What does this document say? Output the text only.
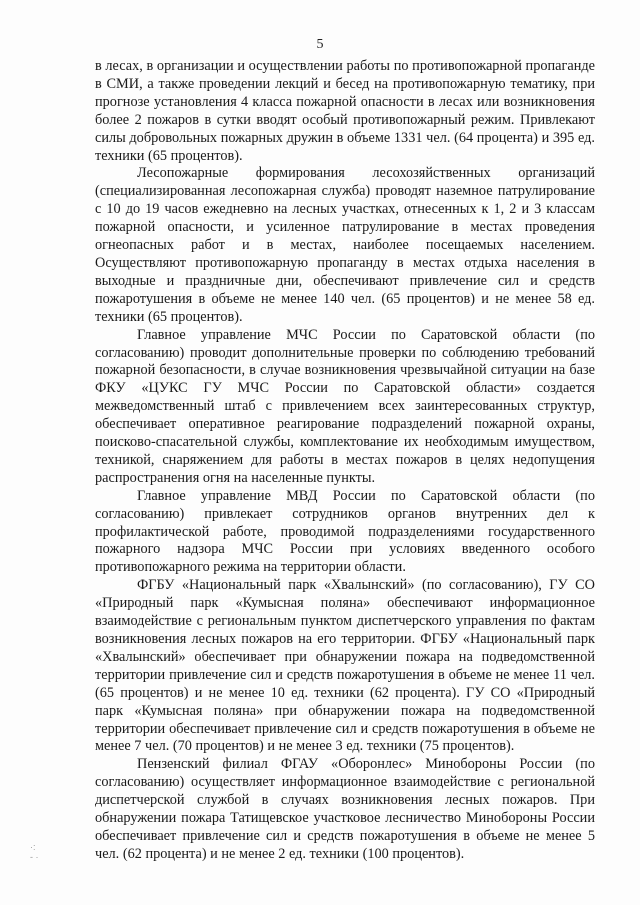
5

в лесах, в организации и осуществлении работы по противопожарной пропаганде в СМИ, а также проведении лекций и бесед на противопожарную тематику, при прогнозе установления 4 класса пожарной опасности в лесах или возникновения более 2 пожаров в сутки вводят особый противопожарный режим. Привлекают силы добровольных пожарных дружин в объеме 1331 чел. (64 процента) и 395 ед. техники (65 процентов).

Лесопожарные формирования лесохозяйственных организаций (специализированная лесопожарная служба) проводят наземное патрулирование с 10 до 19 часов ежедневно на лесных участках, отнесенных к 1, 2 и 3 классам пожарной опасности, и усиленное патрулирование в местах проведения огнеопасных работ и в местах, наиболее посещаемых населением. Осуществляют противопожарную пропаганду в местах отдыха населения в выходные и праздничные дни, обеспечивают привлечение сил и средств пожаротушения в объеме не менее 140 чел. (65 процентов) и не менее 58 ед. техники (65 процентов).

Главное управление МЧС России по Саратовской области (по согласованию) проводит дополнительные проверки по соблюдению требований пожарной безопасности, в случае возникновения чрезвычайной ситуации на базе ФКУ «ЦУКС ГУ МЧС России по Саратовской области» создается межведомственный штаб с привлечением всех заинтересованных структур, обеспечивает оперативное реагирование подразделений пожарной охраны, поисково-спасательной службы, комплектование их необходимым имуществом, техникой, снаряжением для работы в местах пожаров в целях недопущения распространения огня на населенные пункты.

Главное управление МВД России по Саратовской области (по согласованию) привлекает сотрудников органов внутренних дел к профилактической работе, проводимой подразделениями государственного пожарного надзора МЧС России при условиях введенного особого противопожарного режима на территории области.

ФГБУ «Национальный парк «Хвалынский» (по согласованию), ГУ СО «Природный парк «Кумысная поляна» обеспечивают информационное взаимодействие с региональным пунктом диспетчерского управления по фактам возникновения лесных пожаров на его территории. ФГБУ «Национальный парк «Хвалынский» обеспечивает при обнаружении пожара на подведомственной территории привлечение сил и средств пожаротушения в объеме не менее 11 чел. (65 процентов) и не менее 10 ед. техники (62 процента). ГУ СО «Природный парк «Кумысная поляна» при обнаружении пожара на подведомственной территории обеспечивает привлечение сил и средств пожаротушения в объеме не менее 7 чел. (70 процентов) и не менее 3 ед. техники (75 процентов).

Пензенский филиал ФГАУ «Оборонлес» Минобороны России (по согласованию) осуществляет информационное взаимодействие с региональной диспетчерской службой в случаях возникновения лесных пожаров. При обнаружении пожара Татищевское участковое лесничество Минобороны России обеспечивает привлечение сил и средств пожаротушения в объеме не менее 5 чел. (62 процента) и не менее 2 ед. техники (100 процентов).

·:
‐ ·
